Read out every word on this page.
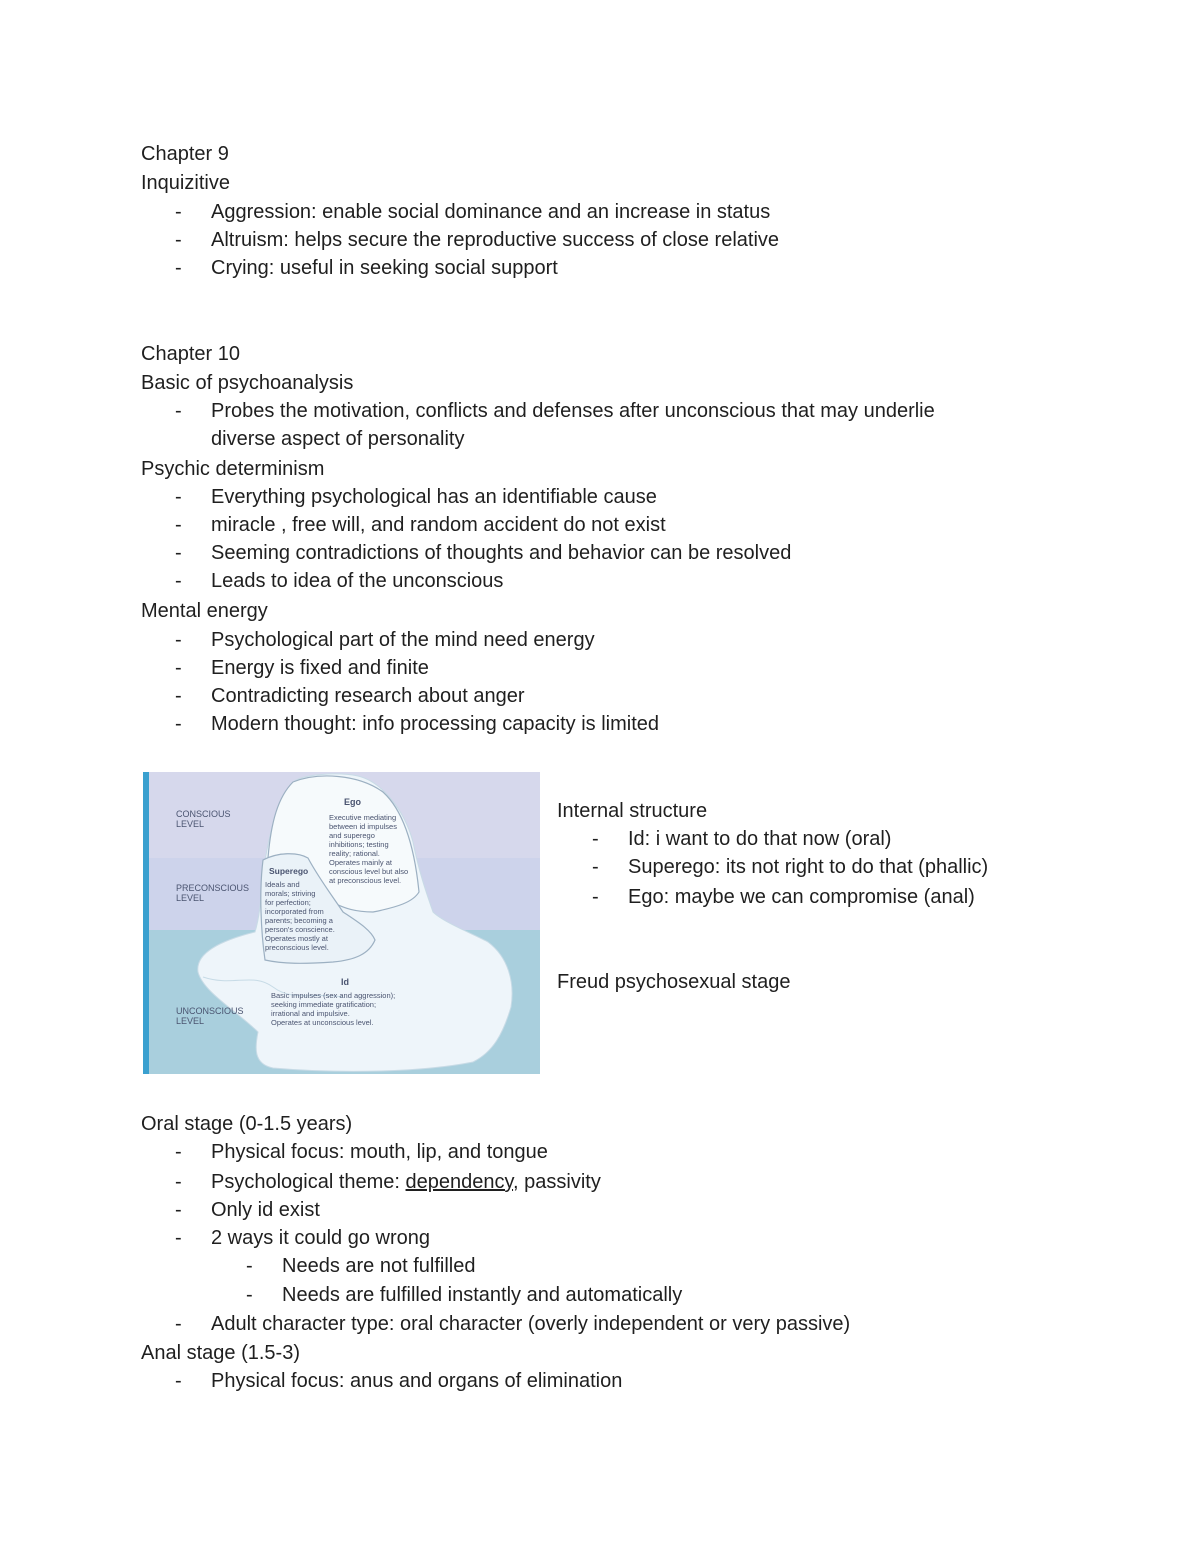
Chapter 9
Inquizitive
- Aggression: enable social dominance and an increase in status
- Altruism: helps secure the reproductive success of close relative
- Crying: useful in seeking social support
Chapter 10
Basic of psychoanalysis
- Probes the motivation, conflicts and defenses after unconscious that may underlie
diverse aspect of personality
Psychic determinism
- Everything psychological has an identifiable cause
- miracle , free will, and random accident do not exist
- Seeming contradictions of thoughts and behavior can be resolved
- Leads to idea of the unconscious
Mental energy
- Psychological part of the mind need energy
- Energy is fixed and finite
- Contradicting research about anger
- Modern thought: info processing capacity is limited
CONSCIOUS
LEVEL
PRECONSCIOUS
LEVEL
UNCONSCIOUS
LEVEL
Ego
Executive mediating
between id impulses
and superego
inhibitions; testing
reality; rational.
Operates mainly at
conscious level but also
at preconscious level.
Superego
Ideals and
morals; striving
for perfection;
incorporated from
parents; becoming a
person's conscience.
Operates mostly at
preconscious level.
Id
Basic impulses (sex and aggression);
seeking immediate gratification;
irrational and impulsive.
Operates at unconscious level.
Internal structure
- Id: i want to do that now (oral)
- Superego: its not right to do that (phallic)
- Ego: maybe we can compromise (anal)
Freud psychosexual stage
Oral stage (0-1.5 years)
- Physical focus: mouth, lip, and tongue
- Psychological theme: dependency, passivity
- Only id exist
- 2 ways it could go wrong
- Needs are not fulfilled
- Needs are fulfilled instantly and automatically
- Adult character type: oral character (overly independent or very passive)
Anal stage (1.5-3)
- Physical focus: anus and organs of elimination
